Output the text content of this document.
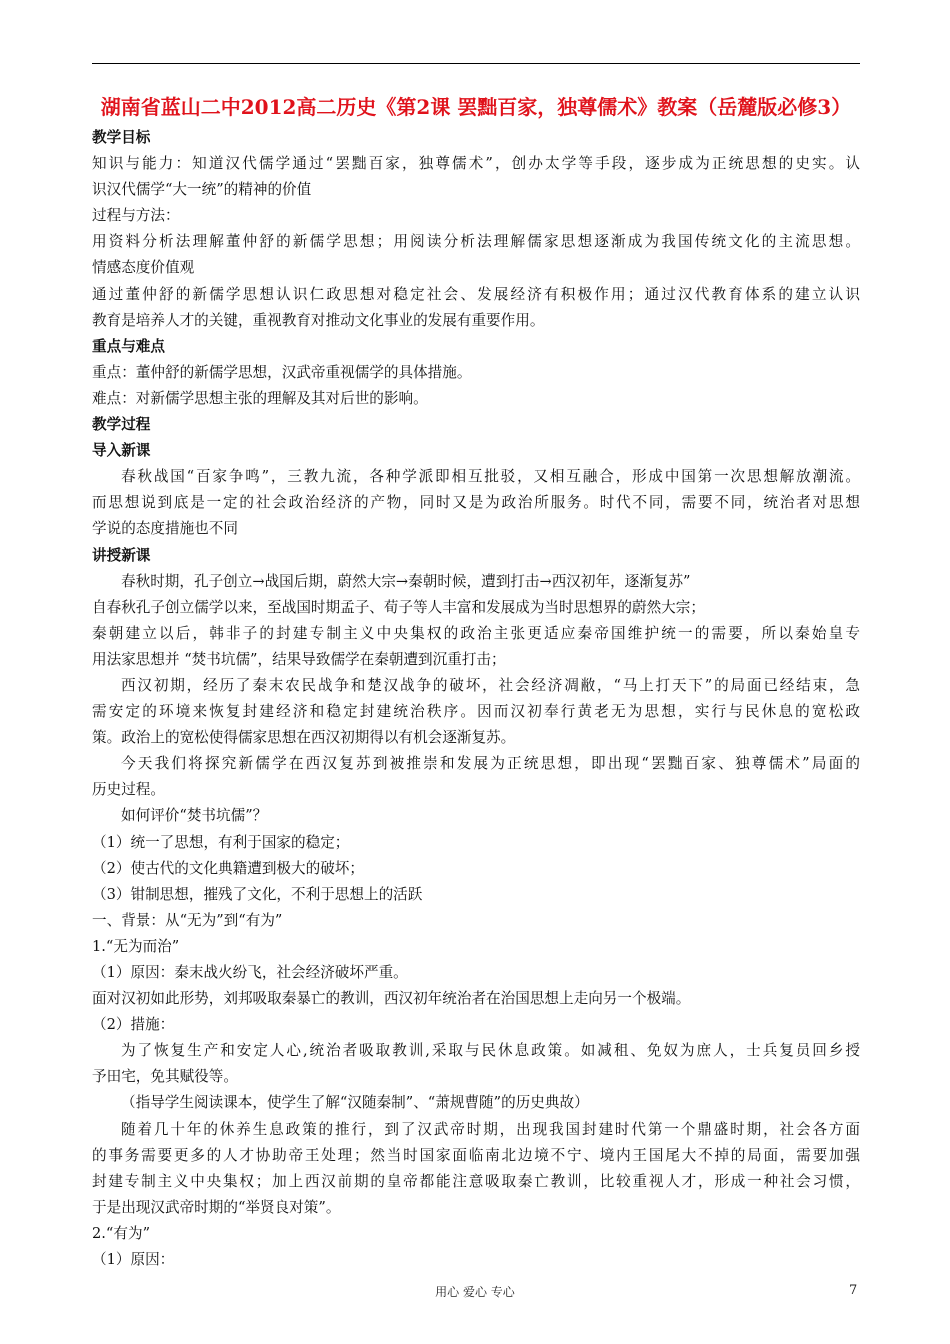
湖南省蓝山二中2012高二历史《第2课 罢黜百家，独尊儒术》教案（岳麓版必修3）
教学目标
知识与能力：知道汉代儒学通过“罢黜百家，独尊儒术”，创办太学等手段，逐步成为正统思想的史实。认
识汉代儒学“大一统”的精神的价值
过程与方法：
用资料分析法理解董仲舒的新儒学思想；用阅读分析法理解儒家思想逐渐成为我国传统文化的主流思想。
情感态度价值观
通过董仲舒的新儒学思想认识仁政思想对稳定社会、发展经济有积极作用；通过汉代教育体系的建立认识
教育是培养人才的关键，重视教育对推动文化事业的发展有重要作用。
重点与难点
重点：董仲舒的新儒学思想，汉武帝重视儒学的具体措施。
难点：对新儒学思想主张的理解及其对后世的影响。
教学过程
导入新课
春秋战国“百家争鸣”，三教九流，各种学派即相互批驳，又相互融合，形成中国第一次思想解放潮流。
而思想说到底是一定的社会政治经济的产物，同时又是为政治所服务。时代不同，需要不同，统治者对思想
学说的态度措施也不同
讲授新课
春秋时期，孔子创立→战国后期，蔚然大宗→秦朝时候，遭到打击→西汉初年，逐渐复苏”
自春秋孔子创立儒学以来，至战国时期孟子、荀子等人丰富和发展成为当时思想界的蔚然大宗；
秦朝建立以后，韩非子的封建专制主义中央集权的政治主张更适应秦帝国维护统一的需要，所以秦始皇专
用法家思想并 “焚书坑儒”，结果导致儒学在秦朝遭到沉重打击；
西汉初期，经历了秦末农民战争和楚汉战争的破坏，社会经济凋敝，“马上打天下”的局面已经结束，急
需安定的环境来恢复封建经济和稳定封建统治秩序。因而汉初奉行黄老无为思想，实行与民休息的宽松政
策。政治上的宽松使得儒家思想在西汉初期得以有机会逐渐复苏。
今天我们将探究新儒学在西汉复苏到被推崇和发展为正统思想，即出现“罢黜百家、独尊儒术”局面的
历史过程。
如何评价“焚书坑儒”？
（1）统一了思想，有利于国家的稳定；
（2）使古代的文化典籍遭到极大的破坏；
（3）钳制思想，摧残了文化，不利于思想上的活跃
一、背景：从“无为”到“有为”
1.“无为而治”
（1）原因：秦末战火纷飞，社会经济破坏严重。
面对汉初如此形势，刘邦吸取秦暴亡的教训，西汉初年统治者在治国思想上走向另一个极端。
（2）措施：
为了恢复生产和安定人心,统治者吸取教训,采取与民休息政策。如减租、免奴为庶人，士兵复员回乡授
予田宅，免其赋役等。
（指导学生阅读课本，使学生了解“汉随秦制”、“萧规曹随”的历史典故）
随着几十年的休养生息政策的推行，到了汉武帝时期，出现我国封建时代第一个鼎盛时期，社会各方面
的事务需要更多的人才协助帝王处理；然当时国家面临南北边境不宁、境内王国尾大不掉的局面，需要加强
封建专制主义中央集权；加上西汉前期的皇帝都能注意吸取秦亡教训，比较重视人才，形成一种社会习惯，
于是出现汉武帝时期的“举贤良对策”。
2.“有为”
（1）原因：
用心 爱心 专心	7
